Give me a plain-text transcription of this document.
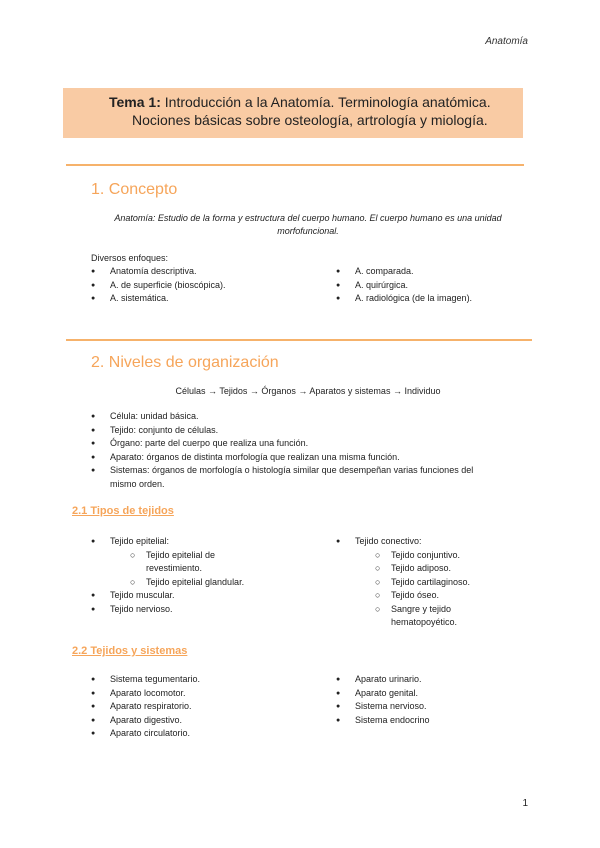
Anatomía
Tema 1: Introducción a la Anatomía. Terminología anatómica.
Nociones básicas sobre osteología, artrología y miología.
1. Concepto
Anatomía: Estudio de la forma y estructura del cuerpo humano. El cuerpo humano es una unidad
morfofuncional.
Diversos enfoques:
● Anatomía descriptiva.
● A. de superficie (bioscópica).
● A. sistemática.
● A. comparada.
● A. quirúrgica.
● A. radiológica (de la imagen).
2. Niveles de organización
Células → Tejidos → Órganos → Aparatos y sistemas → Individuo
● Célula: unidad básica.
● Tejido: conjunto de células.
● Órgano: parte del cuerpo que realiza una función.
● Aparato: órganos de distinta morfología que realizan una misma función.
● Sistemas: órganos de morfología o histología similar que desempeñan varias funciones del
mismo orden.
2.1 Tipos de tejidos
● Tejido epitelial:
○ Tejido epitelial de
revestimiento.
○ Tejido epitelial glandular.
● Tejido muscular.
● Tejido nervioso.
● Tejido conectivo:
○ Tejido conjuntivo.
○ Tejido adiposo.
○ Tejido cartilaginoso.
○ Tejido óseo.
○ Sangre y tejido
hematopoyético.
2.2 Tejidos y sistemas
● Sistema tegumentario.
● Aparato locomotor.
● Aparato respiratorio.
● Aparato digestivo.
● Aparato circulatorio.
● Aparato urinario.
● Aparato genital.
● Sistema nervioso.
● Sistema endocrino
1
